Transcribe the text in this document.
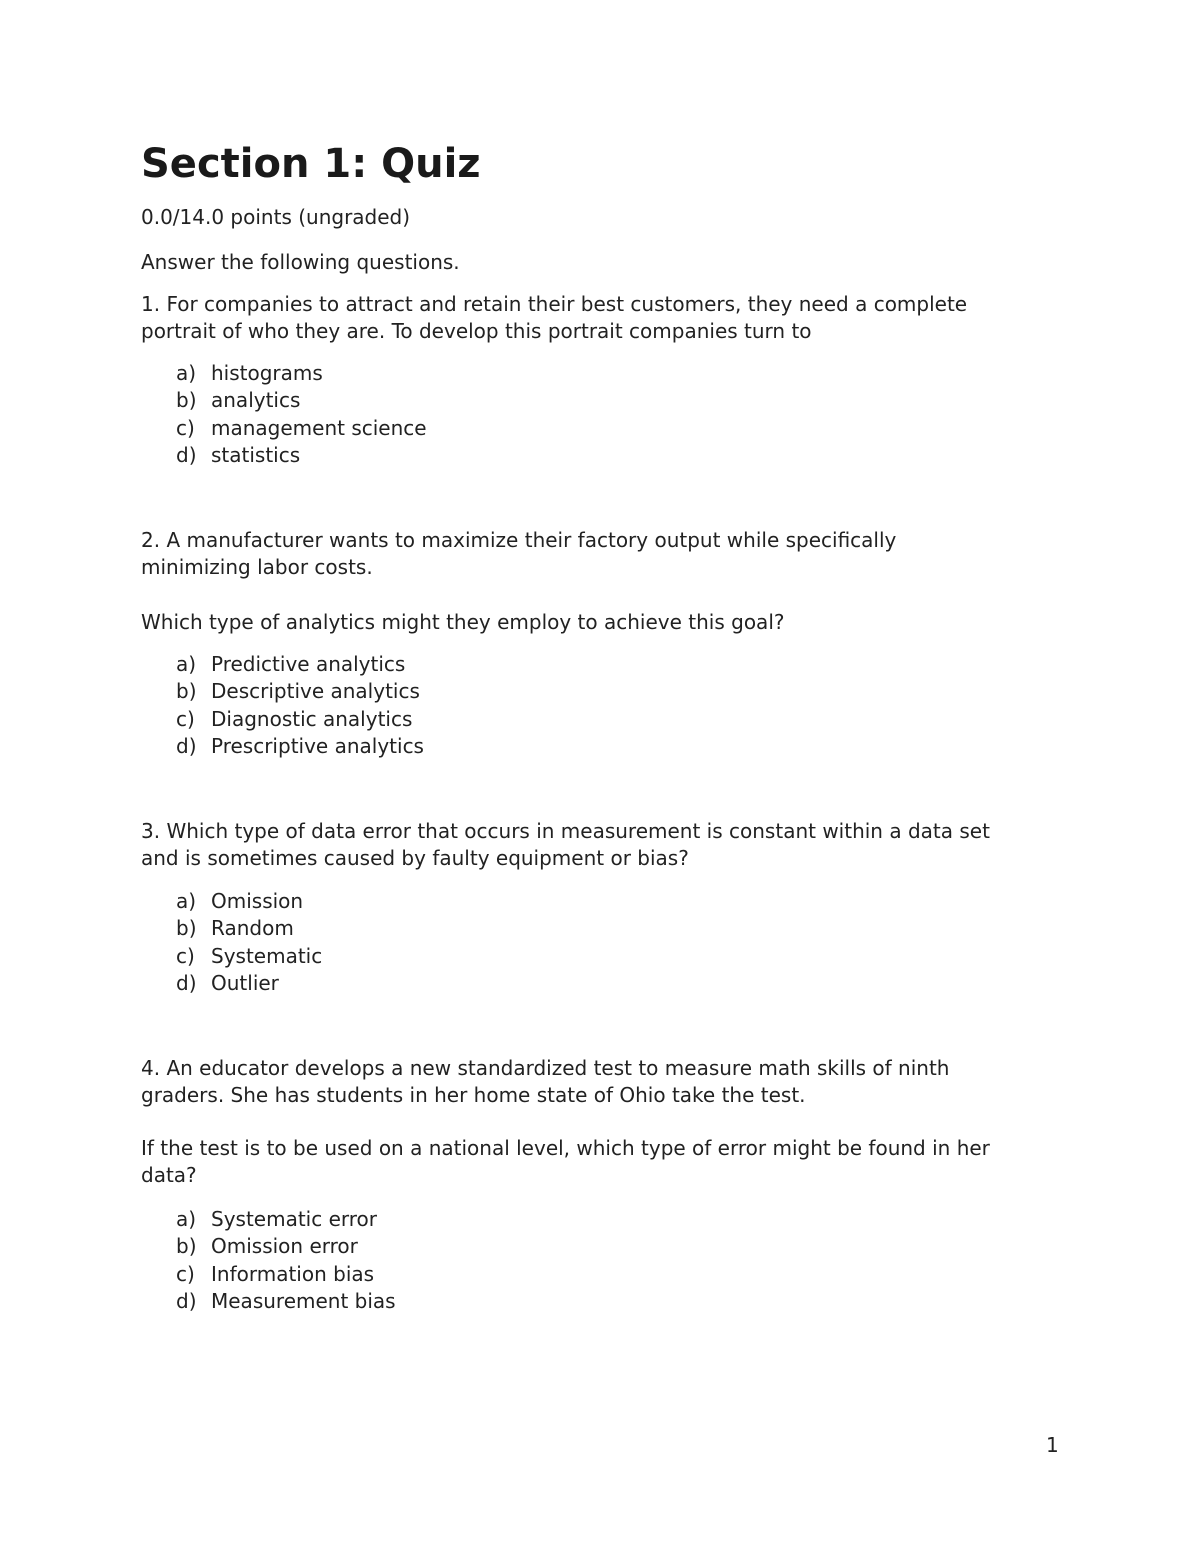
Section 1: Quiz

0.0/14.0 points (ungraded)

Answer the following questions.

1. For companies to attract and retain their best customers, they need a complete
portrait of who they are. To develop this portrait companies turn to

a) histograms
b) analytics
c) management science
d) statistics

2. A manufacturer wants to maximize their factory output while specifically
minimizing labor costs.

Which type of analytics might they employ to achieve this goal?

a) Predictive analytics
b) Descriptive analytics
c) Diagnostic analytics
d) Prescriptive analytics

3. Which type of data error that occurs in measurement is constant within a data set
and is sometimes caused by faulty equipment or bias?

a) Omission
b) Random
c) Systematic
d) Outlier

4. An educator develops a new standardized test to measure math skills of ninth
graders. She has students in her home state of Ohio take the test.

If the test is to be used on a national level, which type of error might be found in her
data?

a) Systematic error
b) Omission error
c) Information bias
d) Measurement bias
1
